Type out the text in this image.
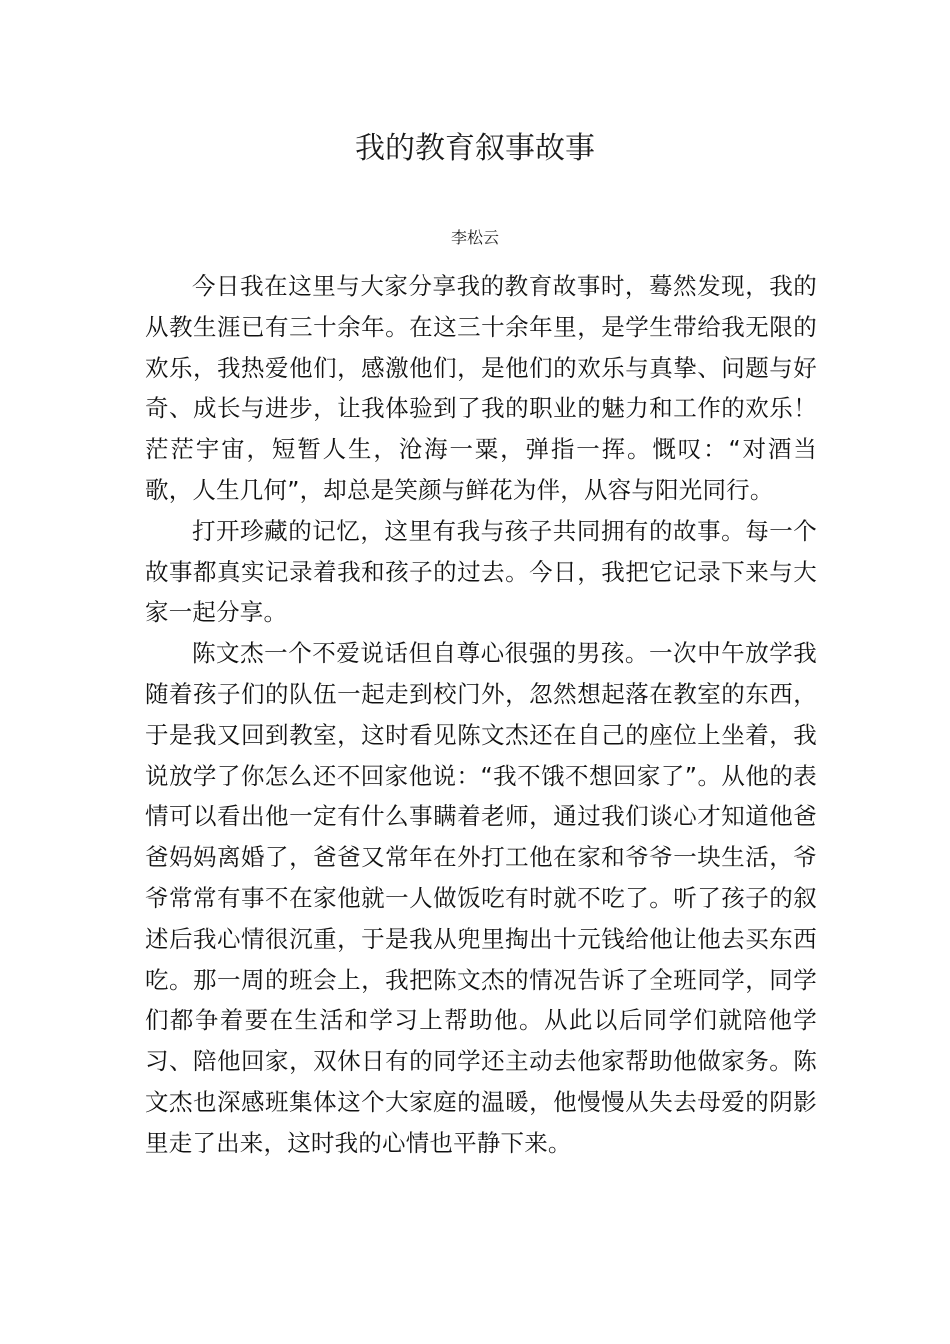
我的教育叙事故事
李松云

今日我在这里与大家分享我的教育故事时，蓦然发现，我的从教生涯已有三十余年。在这三十余年里，是学生带给我无限的欢乐，我热爱他们，感激他们，是他们的欢乐与真挚、问题与好奇、成长与进步，让我体验到了我的职业的魅力和工作的欢乐！茫茫宇宙，短暂人生，沧海一粟，弹指一挥。慨叹：“对酒当歌，人生几何”，却总是笑颜与鲜花为伴，从容与阳光同行。

打开珍藏的记忆，这里有我与孩子共同拥有的故事。每一个故事都真实记录着我和孩子的过去。今日，我把它记录下来与大家一起分享。

陈文杰一个不爱说话但自尊心很强的男孩。一次中午放学我随着孩子们的队伍一起走到校门外，忽然想起落在教室的东西，于是我又回到教室，这时看见陈文杰还在自己的座位上坐着，我说放学了你怎么还不回家他说：“我不饿不想回家了”。从他的表情可以看出他一定有什么事瞒着老师，通过我们谈心才知道他爸爸妈妈离婚了，爸爸又常年在外打工他在家和爷爷一块生活，爷爷常常有事不在家他就一人做饭吃有时就不吃了。听了孩子的叙述后我心情很沉重，于是我从兜里掏出十元钱给他让他去买东西吃。那一周的班会上，我把陈文杰的情况告诉了全班同学，同学们都争着要在生活和学习上帮助他。从此以后同学们就陪他学习、陪他回家，双休日有的同学还主动去他家帮助他做家务。陈文杰也深感班集体这个大家庭的温暖，他慢慢从失去母爱的阴影里走了出来，这时我的心情也平静下来。
